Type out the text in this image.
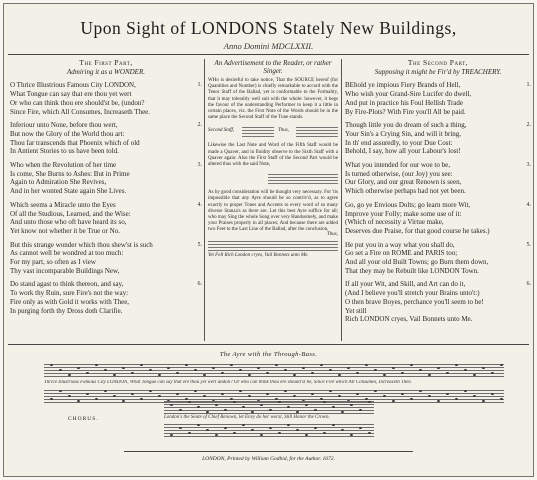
Upon Sight of LONDONS Stately New Buildings,
Anno Domini MDCLXXII.
The First Part,
Admiring it as a WONDER.
1.
O Thrice Illustrious Famous City LONDON,
What Tongue can say that ere thou yet wert
Or who can think thou ere should'st be, (undon?
Since Fire, which All Consumes, Increaseth Thee.
2.
Inferiour unto None, before thou wert,
But now the Glory of the World thou art:
Thou far transcends that Phoenix which of old
In Antient Stories to us have been told.
3.
Who when the Revolution of her time
Is come, She Burns to Ashes: But in Prime
Again to Admiration She Revives,
And in her wonted State again She Lives.
4.
Which seems a Miracle unto the Eyes
Of all the Studious, Learned, and the Wise:
And unto those who oft have heard its so,
Yet know not whether it be True or No.
5.
But this strange wonder which thou shew'st is such
As cannot well be wondred at too much:
For my part, so often as I view
Thy vast incomparable Buildings New,
6.
Do stand agast to think thereon, and say,
To work thy Ruin, sure Fire's not the way:
Fire only as with Gold it works with Thee,
In purging forth thy Dross doth Clarifie.
An Advertisement to the Reader, or rather Singer.

WHo is desireful to take notice, That the SOURCE hereof (for Quantities and Number) is chiefly remarkable to accord with the Tenor Staff of the Ballad, yet is conformable to the Formality, that it may tolerably well suit with the whole: however, it begs the favour of the understanding Performer to keep it a little in certain places, viz. the First Note of the Words should be in the same place the Second Staff of the Tune stands.

Second Staff,	Thus,

Likewise the Last Note and Word of the Fifth Staff would be made a Quaver, and in fluidity observe to the Sixth Staff with a Quaver again: Also the First Staff of the Second Part would be altered thus with the said Note,

As by good consideration will be thought very necessary. For 'tis impossible that any Ayre should be so contriv'd, as to agree exactly to proper Tones and Accents to every word of so many diverse Stanza's as there are. Let this best Ayre suffice for all; who may Sing the whole Song over very Handsomely, and make your Praises properly in all places; And because there are added two Feet to the Last Line of the Ballad, after the conclusion,

Thus,
Yet Fell Rich London cryes, Vail Bonnets unto Me.
The Second Part,
Supposing it might be Fir'd by TREACHERY.
1.
BEhold ye impious Fiery Brands of Hell,
Who wish your Grand-Sire Lucifer do dwell,
And put in practice his Foul Hellish Trade
By Fire-Plots? With Fire you'll All be paid.
2.
Though little you do dream of such a thing,
Your Sin's a Crying Sin, and will it bring,
In th' end assuredly, to your Due Cost:
Behold, I say, how all your Labour's lost!
3.
What you intended for our woe to be,
Is turned otherwise, (our Joy) you see:
Our Glory, and our great Renown is seen,
Which otherwise perhaps had not yet been.
4.
Go, go ye Envious Dolts; go learn more Wit,
Improve your Folly; make some use of it:
(Which of necessity a Virtue make,
Deserves due Praise, for that good course he takes.)
5.
He put you in a way what you shall do,
Go set a Fire on ROME and PARIS too;
And all your old Built Towns; go Burn them down,
That they may be Rebuilt like LONDON Town.
6.
If all your Wit, and Skill, and Art can do it,
(And I believe you'll stretch your Brains unto't:)
O then brave Boyes, perchance you'll seem to be!
Yet still
Rich LONDON cryes, Vail Bonnets unto Me.
The Ayre with the Through-Bass.
Thrice Illustrious Famous City LONDON, What Tongue can say that ere thou yet wert undon? Or who can think thou ere should'st be, Since Fire which All Consumes, Increaseth Thee.
CHORUS.	London's the Seate of Chief Renown, let Envy do her worst, Still Honor the Crown.
LONDON, Printed by William Godbid, for the Author. 1672.
